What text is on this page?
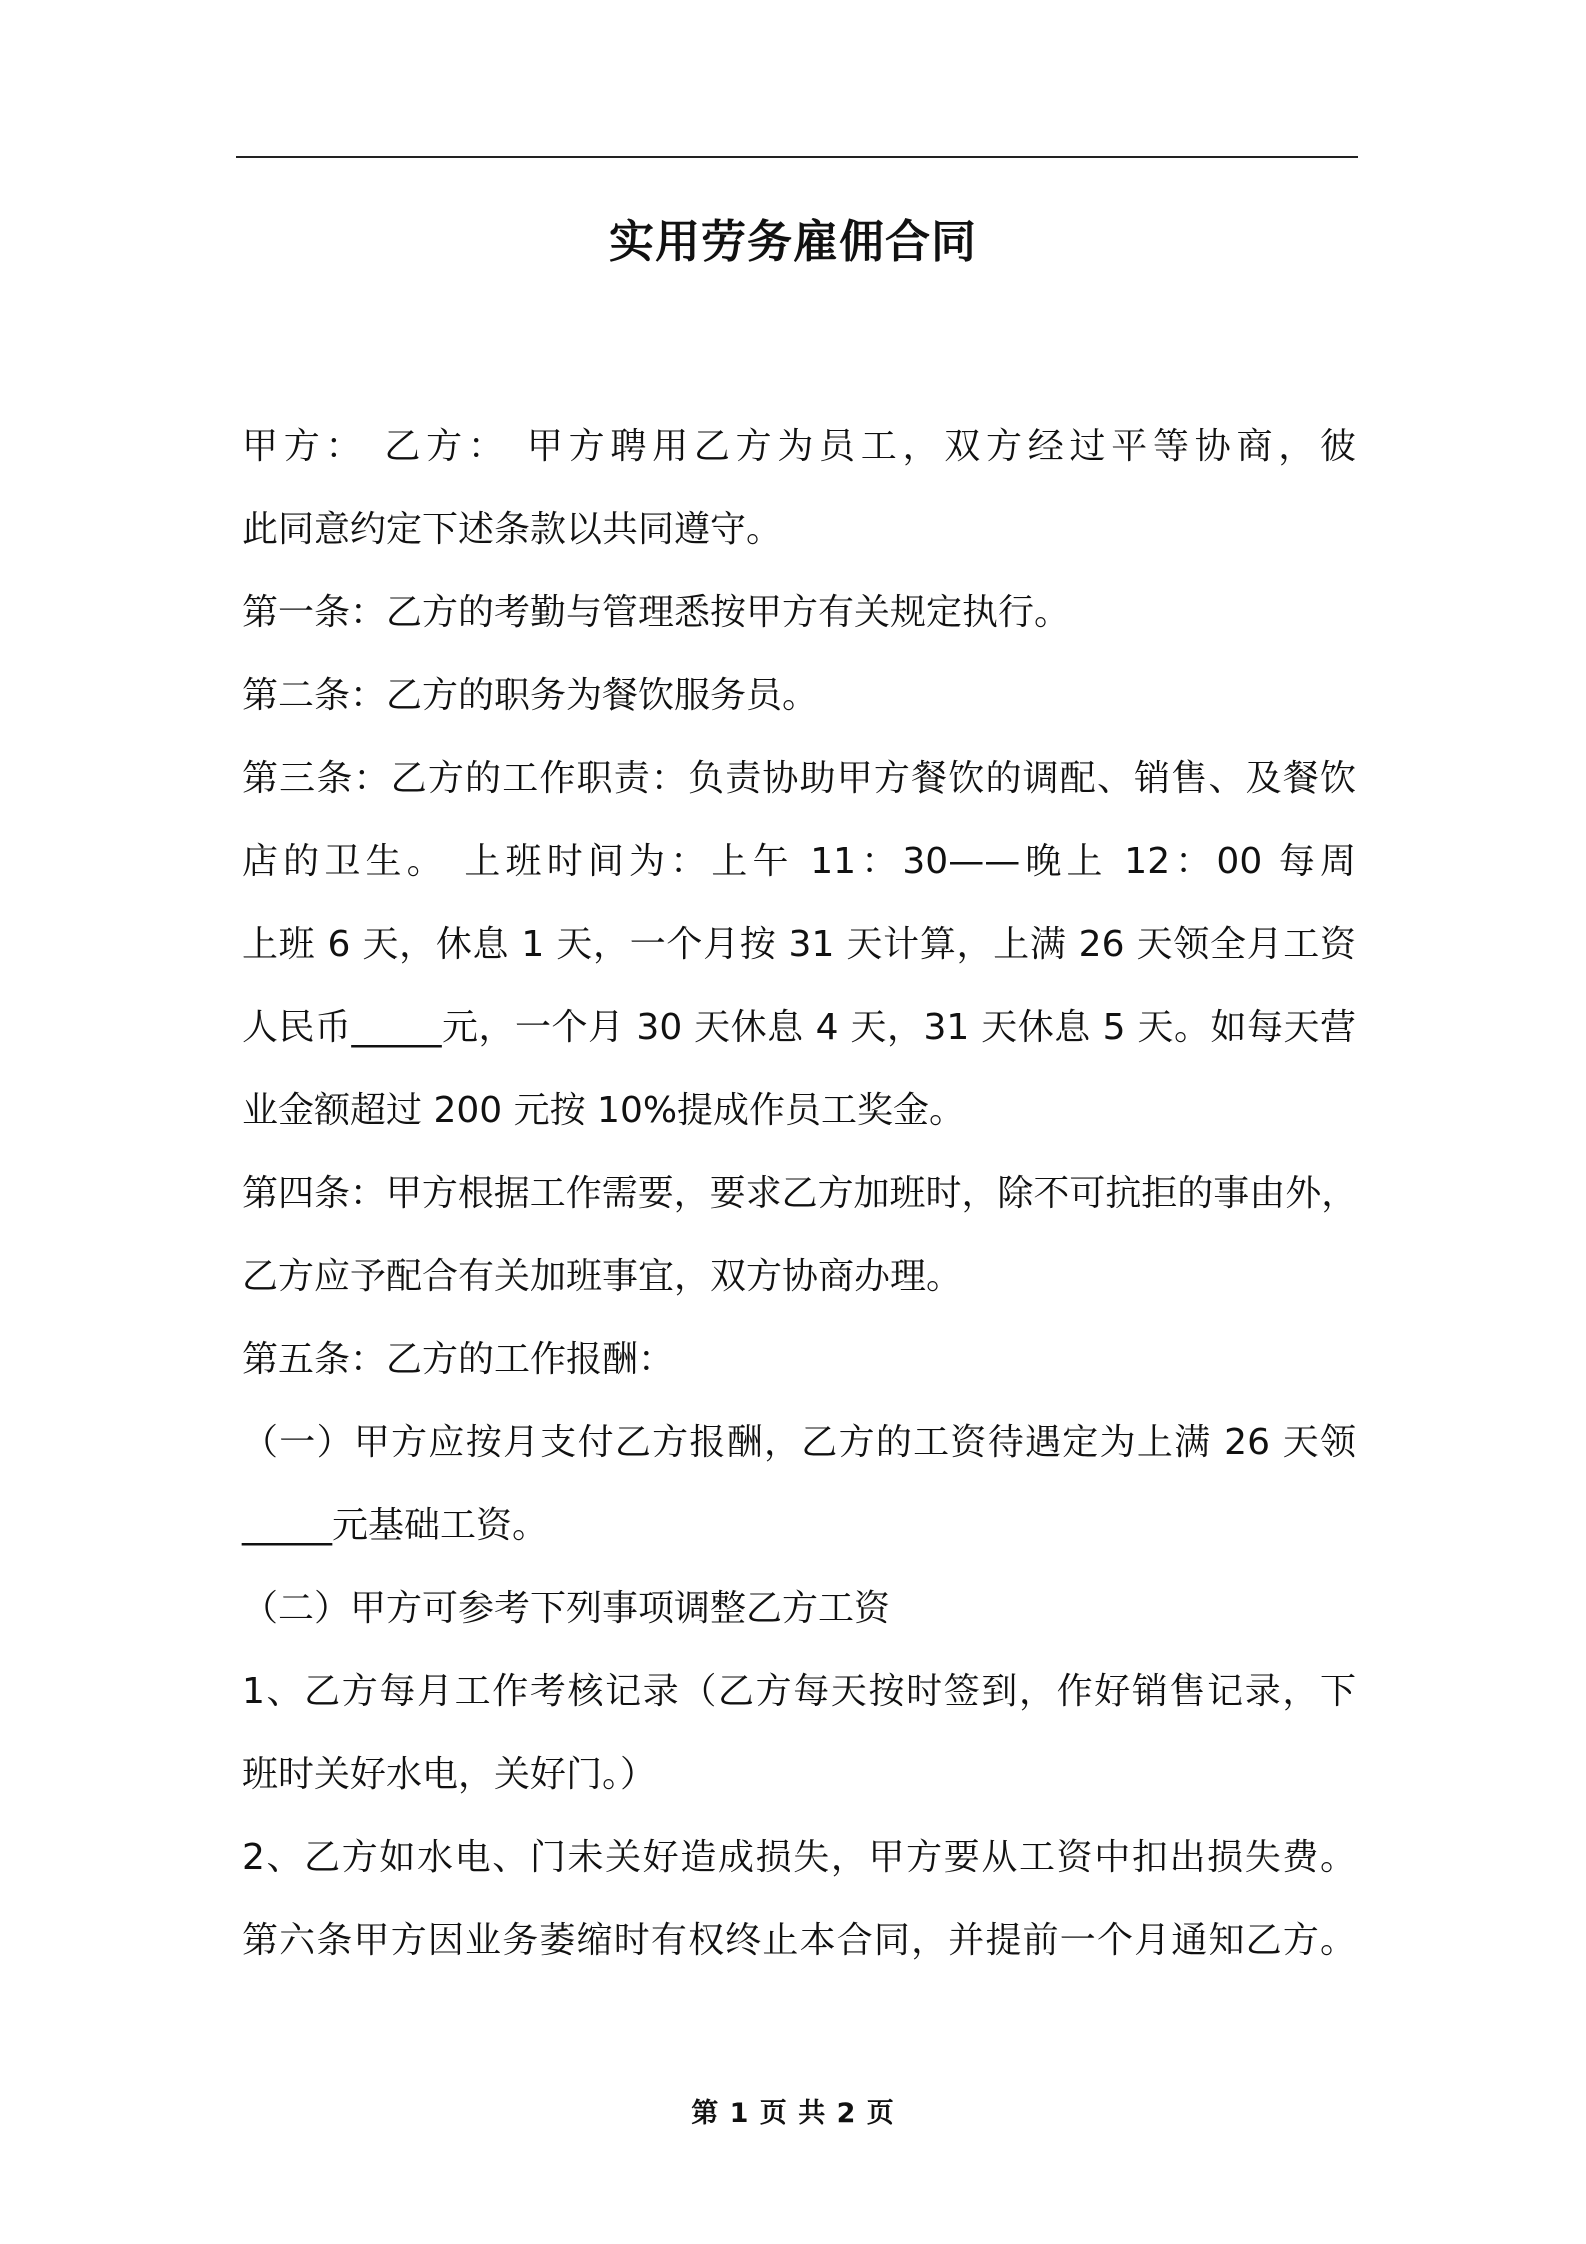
实用劳务雇佣合同
甲方： 乙方： 甲方聘用乙方为员工，双方经过平等协商，彼
此同意约定下述条款以共同遵守。
第一条：乙方的考勤与管理悉按甲方有关规定执行。
第二条：乙方的职务为餐饮服务员。
第三条：乙方的工作职责：负责协助甲方餐饮的调配、销售、及餐饮
店的卫生。 上班时间为：上午 11：30——晚上 12：00 每周
上班 6 天，休息 1 天，一个月按 31 天计算，上满 26 天领全月工资
人民币_____元，一个月 30 天休息 4 天，31 天休息 5 天。如每天营
业金额超过 200 元按 10%提成作员工奖金。
第四条：甲方根据工作需要，要求乙方加班时，除不可抗拒的事由外，
乙方应予配合有关加班事宜，双方协商办理。
第五条：乙方的工作报酬：
（一）甲方应按月支付乙方报酬，乙方的工资待遇定为上满 26 天领
_____元基础工资。
（二）甲方可参考下列事项调整乙方工资
1、乙方每月工作考核记录（乙方每天按时签到，作好销售记录，下
班时关好水电，关好门。）
2、乙方如水电、门未关好造成损失，甲方要从工资中扣出损失费。
第六条甲方因业务萎缩时有权终止本合同，并提前一个月通知乙方。
第 1 页 共 2 页
